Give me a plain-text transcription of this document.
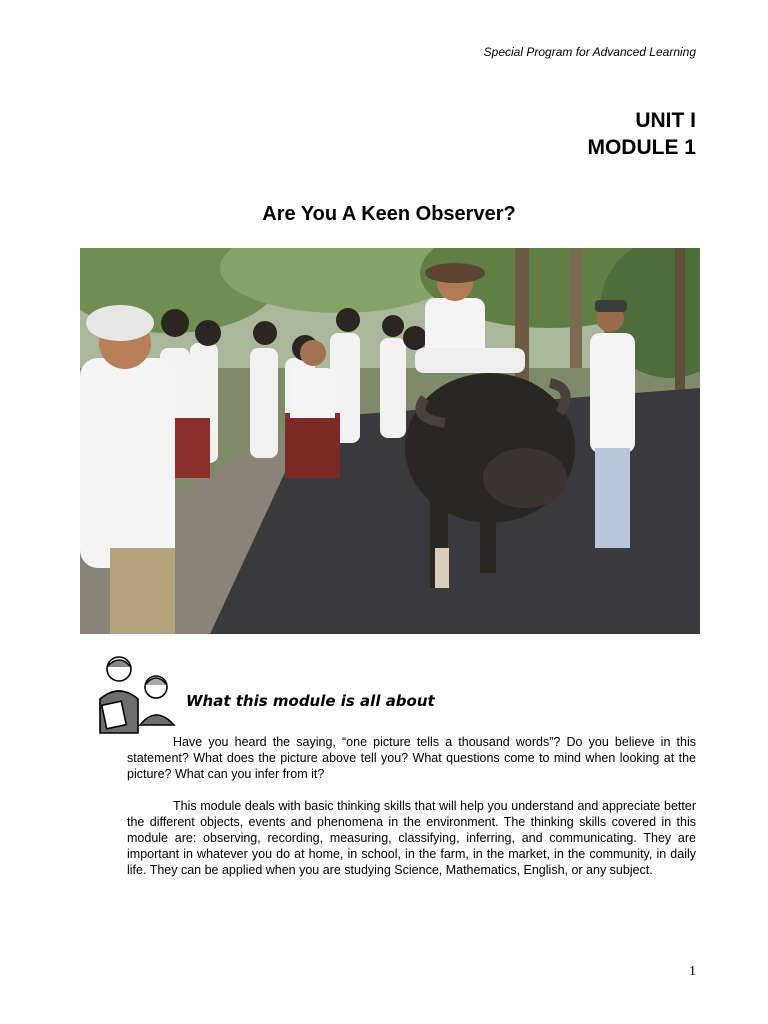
Special Program for Advanced Learning
UNIT I
MODULE 1
Are You A Keen Observer?
What this module is all about

Have you heard the saying, “one picture tells a thousand words”? Do you believe in this statement? What does the picture above tell you? What questions come to mind when looking at the picture? What can you infer from it?

This module deals with basic thinking skills that will help you understand and appreciate better the different objects, events and phenomena in the environment. The thinking skills covered in this module are: observing, recording, measuring, classifying, inferring, and communicating. They are important in whatever you do at home, in school, in the farm, in the market, in the community, in daily life. They can be applied when you are studying Science, Mathematics, English, or any subject.

1
